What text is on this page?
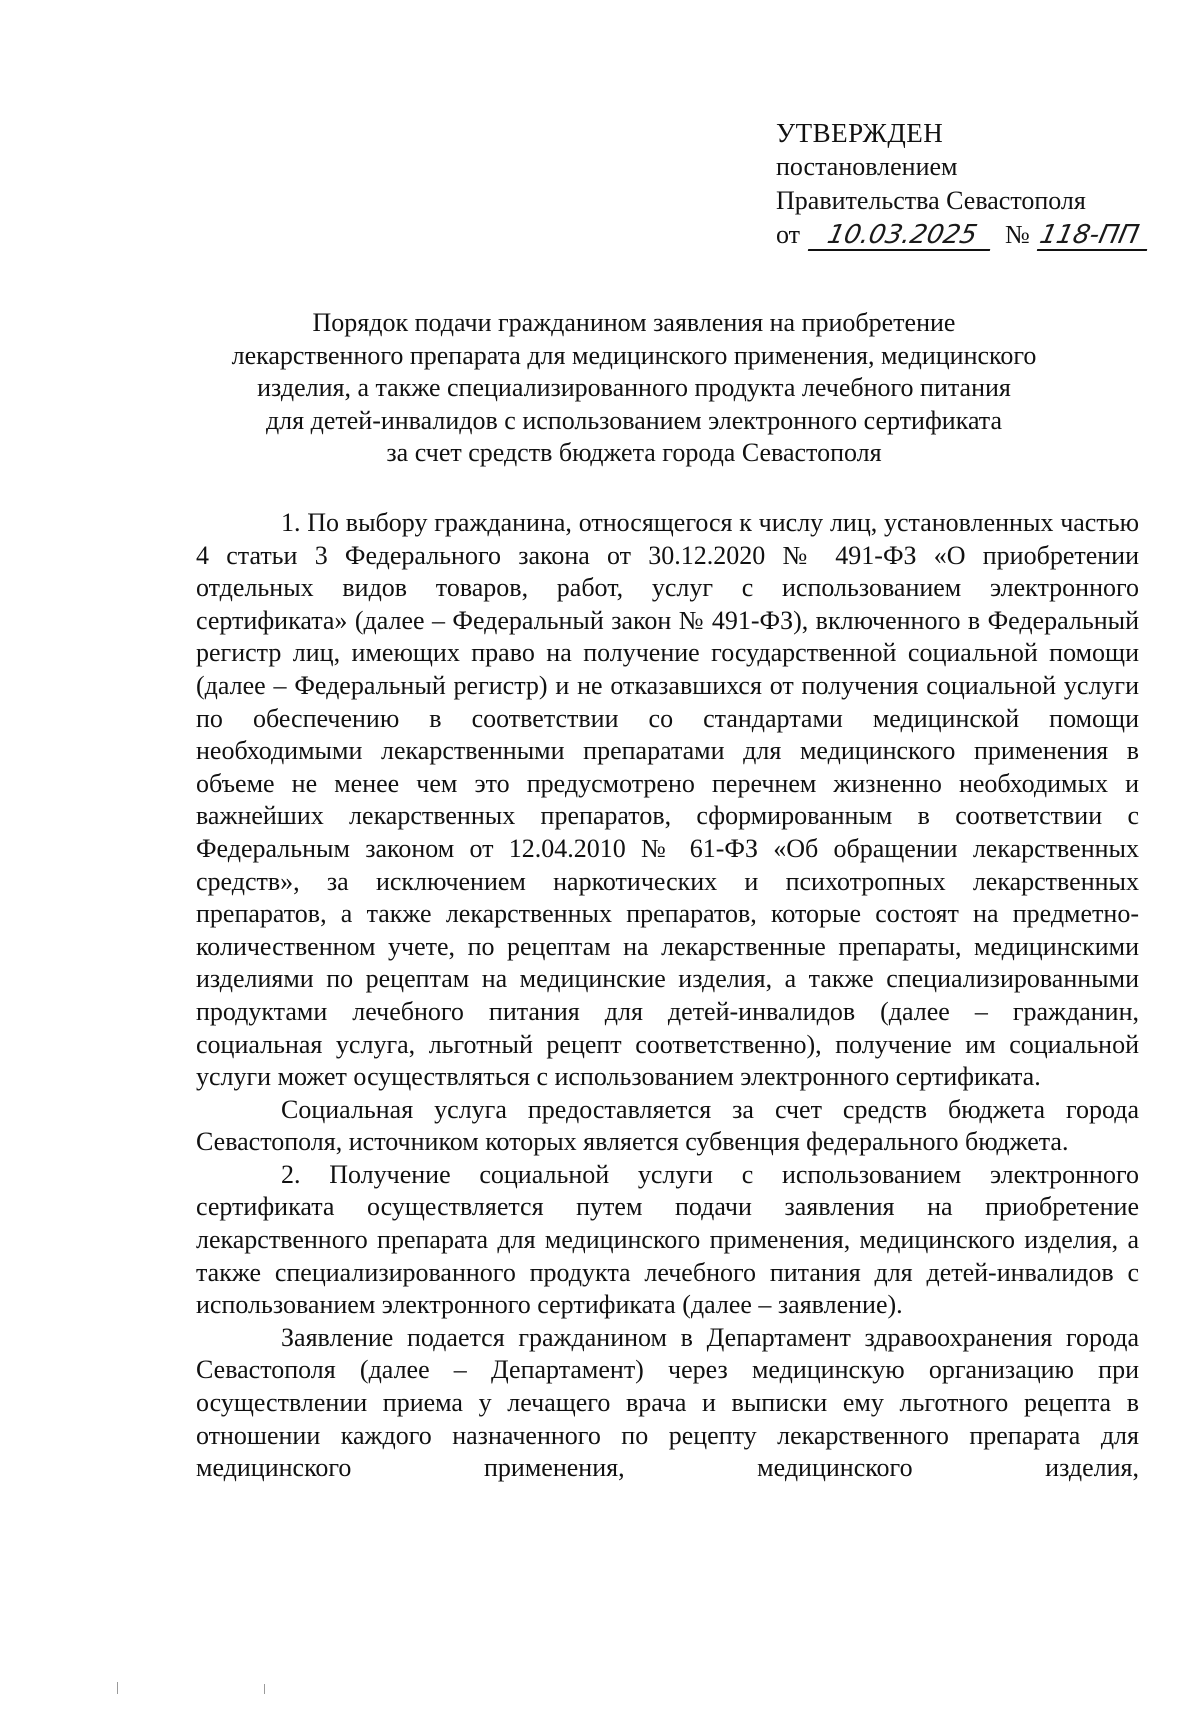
УТВЕРЖДЕН
постановлением
Правительства Севастополя
от 10.03.2025 № 118-ПП
Порядок подачи гражданином заявления на приобретение
лекарственного препарата для медицинского применения, медицинского
изделия, а также специализированного продукта лечебного питания
для детей-инвалидов с использованием электронного сертификата
за счет средств бюджета города Севастополя

1. По выбору гражданина, относящегося к числу лиц, установленных частью 4 статьи 3 Федерального закона от 30.12.2020 № 491-ФЗ «О приобретении отдельных видов товаров, работ, услуг с использованием электронного сертификата» (далее – Федеральный закон № 491-ФЗ), включенного в Федеральный регистр лиц, имеющих право на получение государственной социальной помощи (далее – Федеральный регистр) и не отказавшихся от получения социальной услуги по обеспечению в соответствии со стандартами медицинской помощи необходимыми лекарственными препаратами для медицинского применения в объеме не менее чем это предусмотрено перечнем жизненно необходимых и важнейших лекарственных препаратов, сформированным в соответствии с Федеральным законом от 12.04.2010 № 61-ФЗ «Об обращении лекарственных средств», за исключением наркотических и психотропных лекарственных препаратов, а также лекарственных препаратов, которые состоят на предметно-количественном учете, по рецептам на лекарственные препараты, медицинскими изделиями по рецептам на медицинские изделия, а также специализированными продуктами лечебного питания для детей-инвалидов (далее – гражданин, социальная услуга, льготный рецепт соответственно), получение им социальной услуги может осуществляться с использованием электронного сертификата.

Социальная услуга предоставляется за счет средств бюджета города Севастополя, источником которых является субвенция федерального бюджета.

2. Получение социальной услуги с использованием электронного сертификата осуществляется путем подачи заявления на приобретение лекарственного препарата для медицинского применения, медицинского изделия, а также специализированного продукта лечебного питания для детей-инвалидов с использованием электронного сертификата (далее – заявление).

Заявление подается гражданином в Департамент здравоохранения города Севастополя (далее – Департамент) через медицинскую организацию при осуществлении приема у лечащего врача и выписки ему льготного рецепта в отношении каждого назначенного по рецепту лекарственного препарата для медицинского применения, медицинского изделия,
